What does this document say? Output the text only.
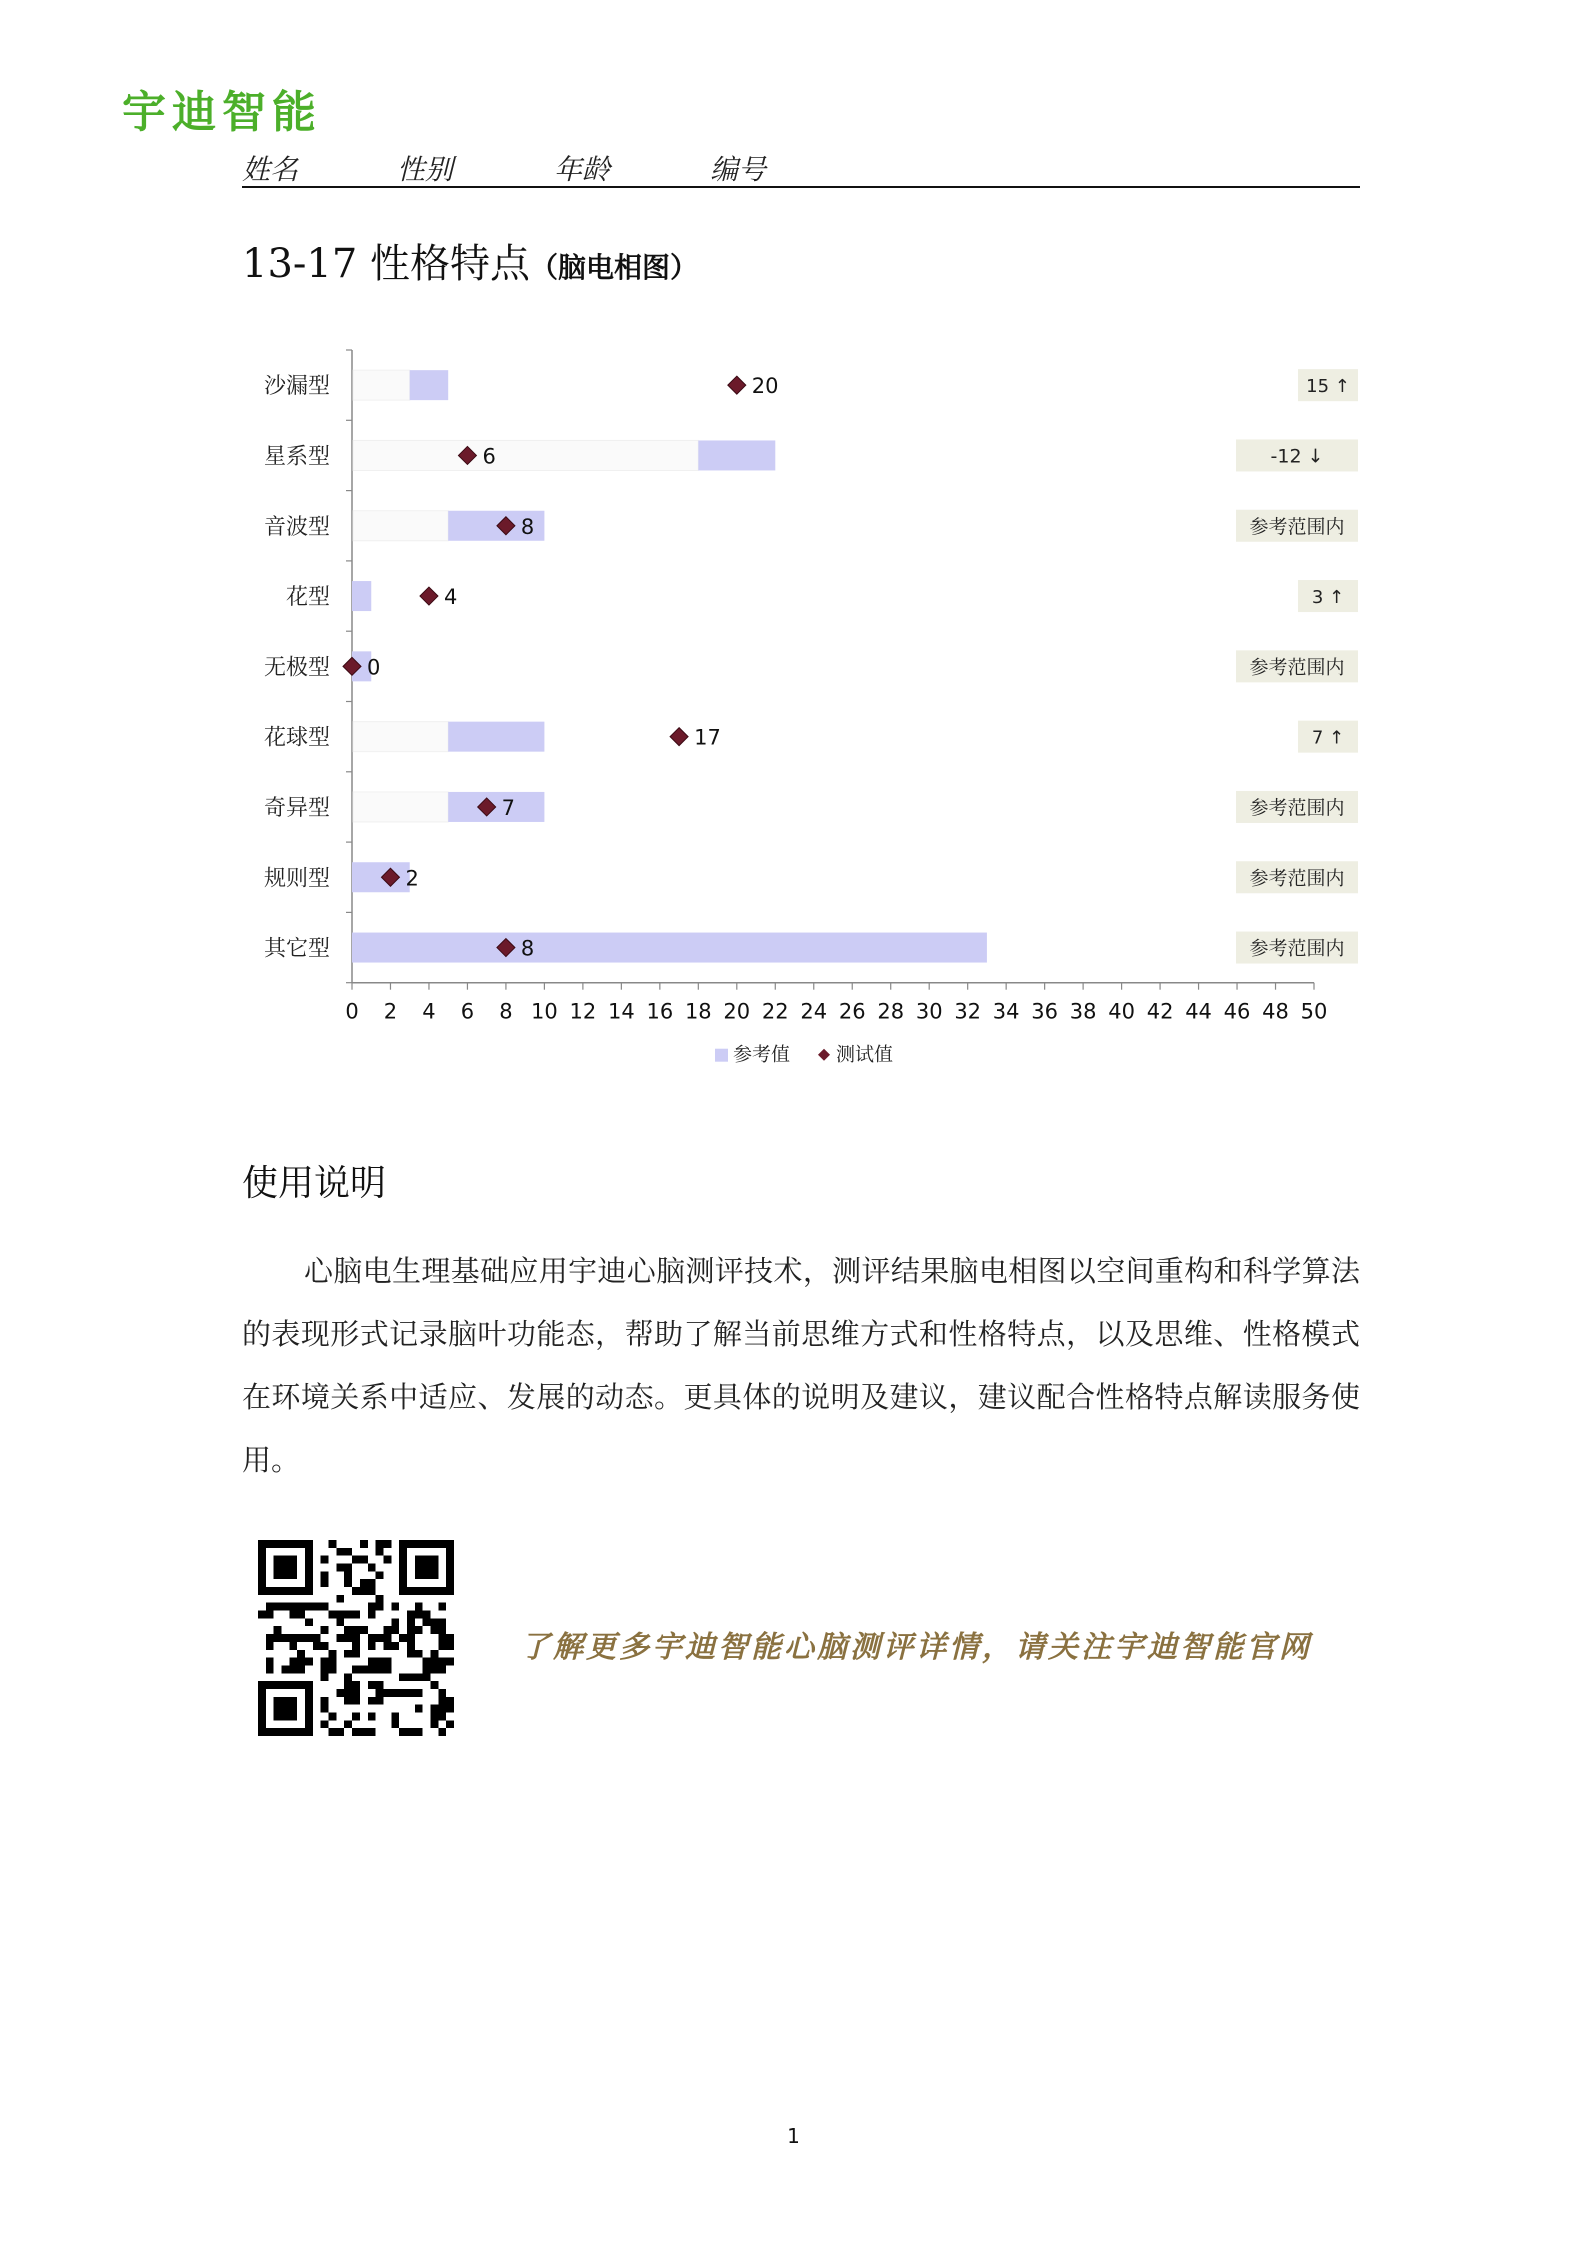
宇迪智能
姓名	性别	年龄	编号
13-17 性格特点（脑电相图）
沙漏型	20	15 ↑
星系型	6	-12 ↓
音波型	8	参考范围内
花型	4	3 ↑
无极型 0	参考范围内
花球型	17	7 ↑
奇异型	7	参考范围内
规则型	2	参考范围内
其它型	8	参考范围内
0 2 4 6 8 10 12 14 16 18 20 22 24 26 28 30 32 34 36 38 40 42 44 46 48 50
参考值 测试值
使用说明
心脑电生理基础应用宇迪心脑测评技术，测评结果脑电相图以空间重构和科学算法的表现形式记录脑叶功能态，帮助了解当前思维方式和性格特点，以及思维、性格模式在环境关系中适应、发展的动态。更具体的说明及建议，建议配合性格特点解读服务使用。
了解更多宇迪智能心脑测评详情，请关注宇迪智能官网
1
